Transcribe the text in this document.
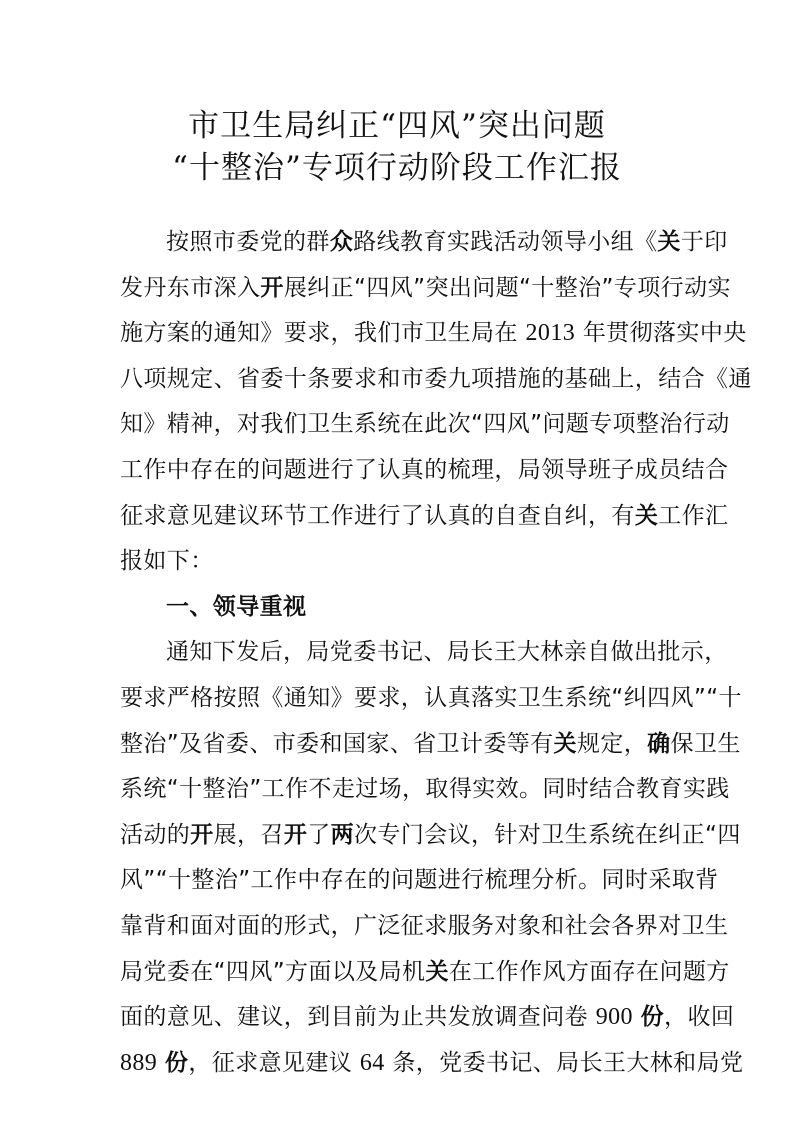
市卫生局纠正“四风”突出问题
“十整治”专项行动阶段工作汇报
按照市委党的群众路线教育实践活动领导小组《关于印
发丹东市深入开展纠正“四风”突出问题“十整治”专项行动实
施方案的通知》要求，我们市卫生局在 2013 年贯彻落实中央
八项规定、省委十条要求和市委九项措施的基础上，结合《通
知》精神，对我们卫生系统在此次“四风”问题专项整治行动
工作中存在的问题进行了认真的梳理，局领导班子成员结合
征求意见建议环节工作进行了认真的自查自纠，有关工作汇
报如下：
一、领导重视
通知下发后，局党委书记、局长王大林亲自做出批示，
要求严格按照《通知》要求，认真落实卫生系统“纠四风”“十
整治”及省委、市委和国家、省卫计委等有关规定，确保卫生
系统“十整治”工作不走过场，取得实效。同时结合教育实践
活动的开展，召开了两次专门会议，针对卫生系统在纠正“四
风”“十整治”工作中存在的问题进行梳理分析。同时采取背
靠背和面对面的形式，广泛征求服务对象和社会各界对卫生
局党委在“四风”方面以及局机关在工作作风方面存在问题方
面的意见、建议，到目前为止共发放调查问卷 900 份，收回
889 份，征求意见建议 64 条，党委书记、局长王大林和局党
